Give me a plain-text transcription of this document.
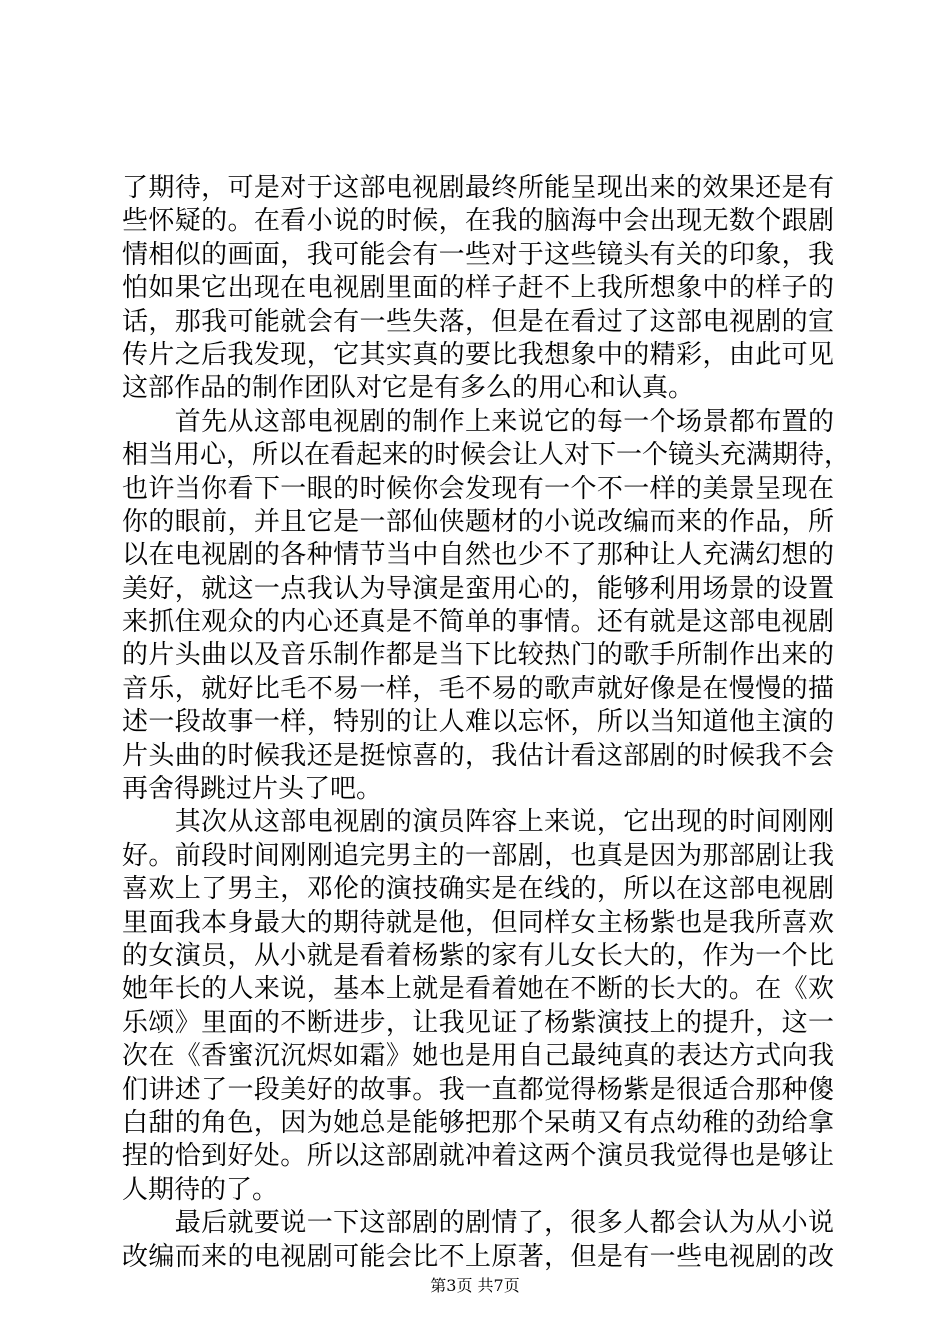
了期待，可是对于这部电视剧最终所能呈现出来的效果还是有
些怀疑的。在看小说的时候，在我的脑海中会出现无数个跟剧
情相似的画面，我可能会有一些对于这些镜头有关的印象，我
怕如果它出现在电视剧里面的样子赶不上我所想象中的样子的
话，那我可能就会有一些失落，但是在看过了这部电视剧的宣
传片之后我发现，它其实真的要比我想象中的精彩，由此可见
这部作品的制作团队对它是有多么的用心和认真。
　　首先从这部电视剧的制作上来说它的每一个场景都布置的
相当用心，所以在看起来的时候会让人对下一个镜头充满期待，
也许当你看下一眼的时候你会发现有一个不一样的美景呈现在
你的眼前，并且它是一部仙侠题材的小说改编而来的作品，所
以在电视剧的各种情节当中自然也少不了那种让人充满幻想的
美好，就这一点我认为导演是蛮用心的，能够利用场景的设置
来抓住观众的内心还真是不简单的事情。还有就是这部电视剧
的片头曲以及音乐制作都是当下比较热门的歌手所制作出来的
音乐，就好比毛不易一样，毛不易的歌声就好像是在慢慢的描
述一段故事一样，特别的让人难以忘怀，所以当知道他主演的
片头曲的时候我还是挺惊喜的，我估计看这部剧的时候我不会
再舍得跳过片头了吧。
　　其次从这部电视剧的演员阵容上来说，它出现的时间刚刚
好。前段时间刚刚追完男主的一部剧，也真是因为那部剧让我
喜欢上了男主，邓伦的演技确实是在线的，所以在这部电视剧
里面我本身最大的期待就是他，但同样女主杨紫也是我所喜欢
的女演员，从小就是看着杨紫的家有儿女长大的，作为一个比
她年长的人来说，基本上就是看着她在不断的长大的。在《欢
乐颂》里面的不断进步，让我见证了杨紫演技上的提升，这一
次在《香蜜沉沉烬如霜》她也是用自己最纯真的表达方式向我
们讲述了一段美好的故事。我一直都觉得杨紫是很适合那种傻
白甜的角色，因为她总是能够把那个呆萌又有点幼稚的劲给拿
捏的恰到好处。所以这部剧就冲着这两个演员我觉得也是够让
人期待的了。
　　最后就要说一下这部剧的剧情了，很多人都会认为从小说
改编而来的电视剧可能会比不上原著，但是有一些电视剧的改
第3页 共7页
